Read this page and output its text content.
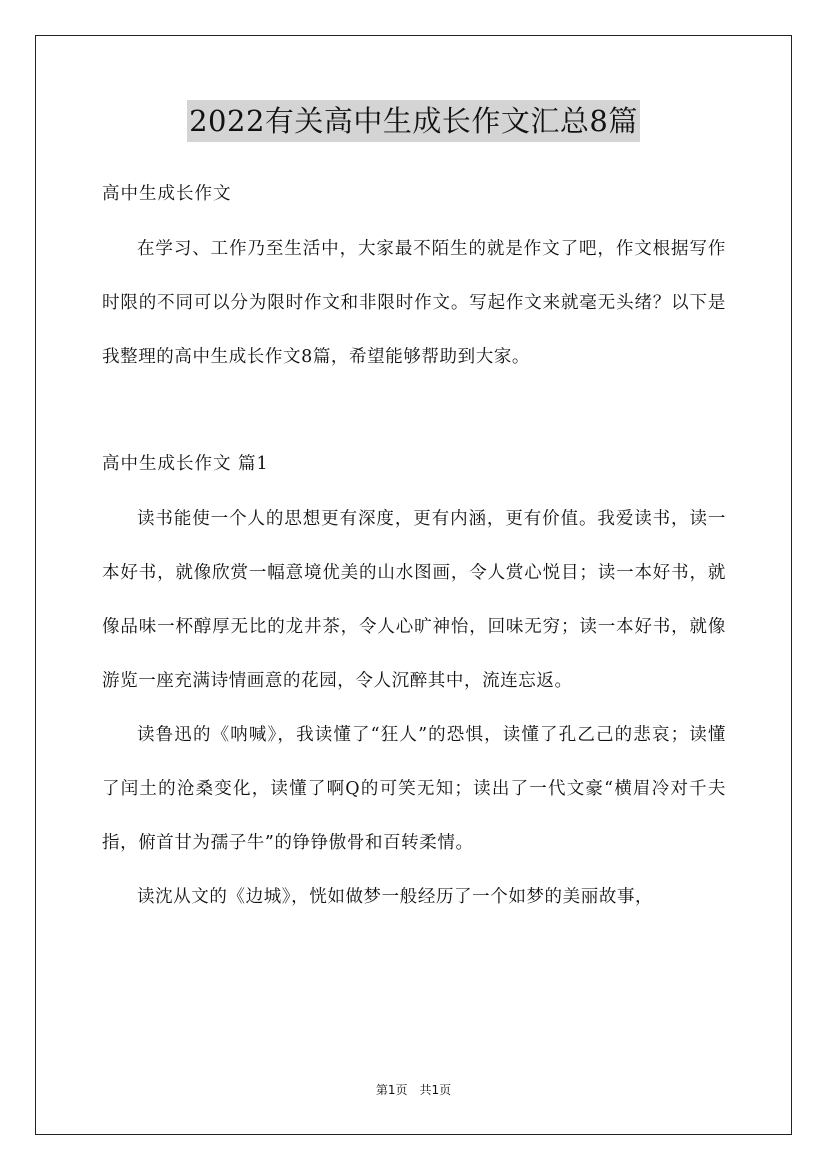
2022有关高中生成长作文汇总8篇
高中生成长作文

在学习、工作乃至生活中，大家最不陌生的就是作文了吧，作文根据写作时限的不同可以分为限时作文和非限时作文。写起作文来就毫无头绪？以下是我整理的高中生成长作文8篇，希望能够帮助到大家。

高中生成长作文 篇1

读书能使一个人的思想更有深度，更有内涵，更有价值。我爱读书，读一本好书，就像欣赏一幅意境优美的山水图画，令人赏心悦目；读一本好书，就像品味一杯醇厚无比的龙井茶，令人心旷神怡，回味无穷；读一本好书，就像游览一座充满诗情画意的花园，令人沉醉其中，流连忘返。

读鲁迅的《呐喊》，我读懂了“狂人”的恐惧，读懂了孔乙己的悲哀；读懂了闰土的沧桑变化，读懂了啊Q的可笑无知；读出了一代文豪“横眉冷对千夫指，俯首甘为孺子牛”的铮铮傲骨和百转柔情。

读沈从文的《边城》，恍如做梦一般经历了一个如梦的美丽故事，

第1页　共1页
